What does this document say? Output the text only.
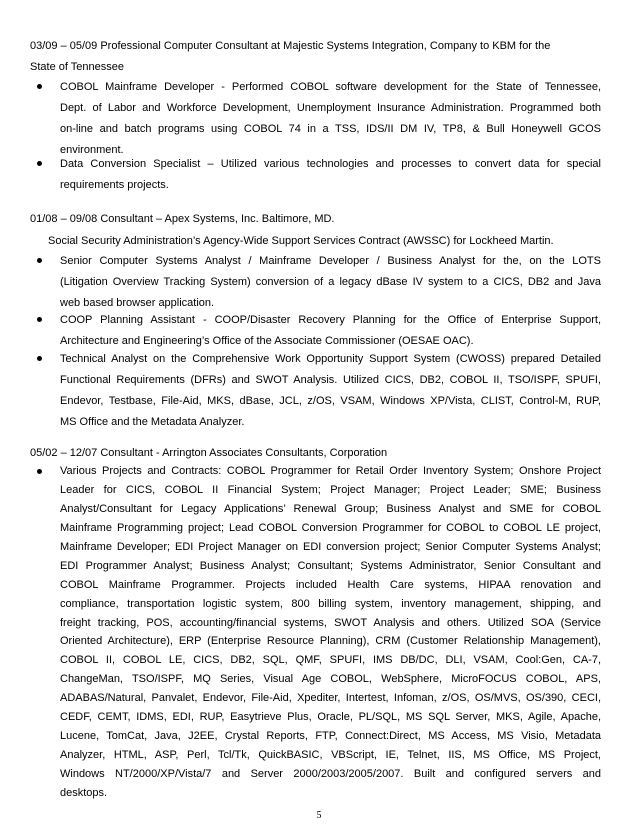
03/09 – 05/09 Professional Computer Consultant at Majestic Systems Integration, Company to KBM for the
State of Tennessee
COBOL Mainframe Developer - Performed COBOL software development for the State of Tennessee,
Dept. of Labor and Workforce Development, Unemployment Insurance Administration. Programmed both
on-line and batch programs using COBOL 74 in a TSS, IDS/II DM IV, TP8, & Bull Honeywell GCOS
environment.
Data Conversion Specialist – Utilized various technologies and processes to convert data for special
requirements projects.
01/08 – 09/08 Consultant – Apex Systems, Inc. Baltimore, MD.
Social Security Administration’s Agency-Wide Support Services Contract (AWSSC) for Lockheed Martin.
Senior Computer Systems Analyst / Mainframe Developer / Business Analyst for the, on the LOTS
(Litigation Overview Tracking System) conversion of a legacy dBase IV system to a CICS, DB2 and Java
web based browser application.
COOP Planning Assistant - COOP/Disaster Recovery Planning for the Office of Enterprise Support,
Architecture and Engineering’s Office of the Associate Commissioner (OESAE OAC).
Technical Analyst on the Comprehensive Work Opportunity Support System (CWOSS) prepared Detailed
Functional Requirements (DFRs) and SWOT Analysis. Utilized CICS, DB2, COBOL II, TSO/ISPF, SPUFI,
Endevor, Testbase, File-Aid, MKS, dBase, JCL, z/OS, VSAM, Windows XP/Vista, CLIST, Control-M, RUP,
MS Office and the Metadata Analyzer.
05/02 – 12/07 Consultant - Arrington Associates Consultants, Corporation
Various Projects and Contracts: COBOL Programmer for Retail Order Inventory System; Onshore Project
Leader for CICS, COBOL II Financial System; Project Manager; Project Leader; SME; Business
Analyst/Consultant for Legacy Applications’ Renewal Group; Business Analyst and SME for COBOL
Mainframe Programming project; Lead COBOL Conversion Programmer for COBOL to COBOL LE project,
Mainframe Developer; EDI Project Manager on EDI conversion project; Senior Computer Systems Analyst;
EDI Programmer Analyst; Business Analyst; Consultant; Systems Administrator, Senior Consultant and
COBOL Mainframe Programmer. Projects included Health Care systems, HIPAA renovation and
compliance, transportation logistic system, 800 billing system, inventory management, shipping, and
freight tracking, POS, accounting/financial systems, SWOT Analysis and others. Utilized SOA (Service
Oriented Architecture), ERP (Enterprise Resource Planning), CRM (Customer Relationship Management),
COBOL II, COBOL LE, CICS, DB2, SQL, QMF, SPUFI, IMS DB/DC, DLI, VSAM, Cool:Gen, CA-7,
ChangeMan, TSO/ISPF, MQ Series, Visual Age COBOL, WebSphere, MicroFOCUS COBOL, APS,
ADABAS/Natural, Panvalet, Endevor, File-Aid, Xpediter, Intertest, Infoman, z/OS, OS/MVS, OS/390, CECI,
CEDF, CEMT, IDMS, EDI, RUP, Easytrieve Plus, Oracle, PL/SQL, MS SQL Server, MKS, Agile, Apache,
Lucene, TomCat, Java, J2EE, Crystal Reports, FTP, Connect:Direct, MS Access, MS Visio, Metadata
Analyzer, HTML, ASP, Perl, Tcl/Tk, QuickBASIC, VBScript, IE, Telnet, IIS, MS Office, MS Project,
Windows NT/2000/XP/Vista/7 and Server 2000/2003/2005/2007. Built and configured servers and
desktops.
5
